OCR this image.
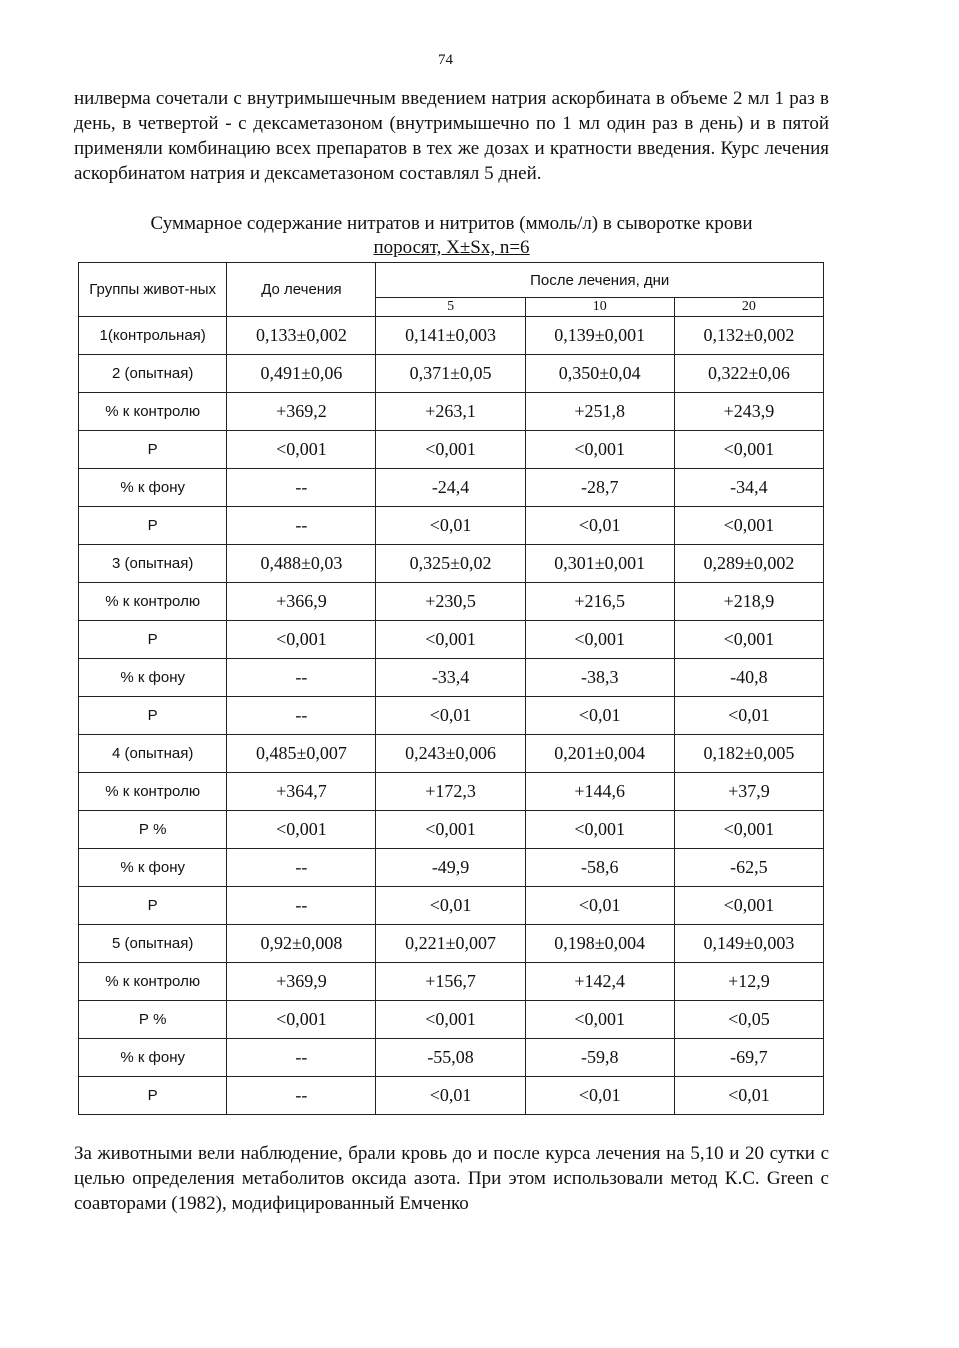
74

нилверма сочетали с внутримышечным введением натрия аскорбината в объеме 2 мл 1 раз в день, в четвертой - с дексаметазоном (внутримышечно по 1 мл один раз в день) и в пятой применяли комбинацию всех препаратов в тех же дозах и кратности введения. Курс лечения аскорбинатом натрия и дексаметазоном составлял 5 дней.

Суммарное содержание нитратов и нитритов (ммоль/л) в сыворотке крови
поросят, X±Sx, n=6
Группы живот-ных	До лечения	После лечения, дни		
		5	10	20
1(контрольная)	0,133±0,002	0,141±0,003	0,139±0,001	0,132±0,002
2 (опытная)	0,491±0,06	0,371±0,05	0,350±0,04	0,322±0,06
% к контролю	+369,2	+263,1	+251,8	+243,9
Р	<0,001	<0,001	<0,001	<0,001
% к фону	--	-24,4	-28,7	-34,4
Р	--	<0,01	<0,01	<0,001
3 (опытная)	0,488±0,03	0,325±0,02	0,301±0,001	0,289±0,002
% к контролю	+366,9	+230,5	+216,5	+218,9
Р	<0,001	<0,001	<0,001	<0,001
% к фону	--	-33,4	-38,3	-40,8
Р	--	<0,01	<0,01	<0,01
4 (опытная)	0,485±0,007	0,243±0,006	0,201±0,004	0,182±0,005
% к контролю	+364,7	+172,3	+144,6	+37,9
Р %	<0,001	<0,001	<0,001	<0,001
% к фону	--	-49,9	-58,6	-62,5
Р	--	<0,01	<0,01	<0,001
5 (опытная)	0,92±0,008	0,221±0,007	0,198±0,004	0,149±0,003
% к контролю	+369,9	+156,7	+142,4	+12,9
Р %	<0,001	<0,001	<0,001	<0,05
% к фону	--	-55,08	-59,8	-69,7
Р	--	<0,01	<0,01	<0,01

За животными вели наблюдение, брали кровь до и после курса лечения на 5,10 и 20 сутки с целью определения метаболитов оксида азота. При этом использовали метод К.С. Green с соавторами (1982), модифицированный Емченко
